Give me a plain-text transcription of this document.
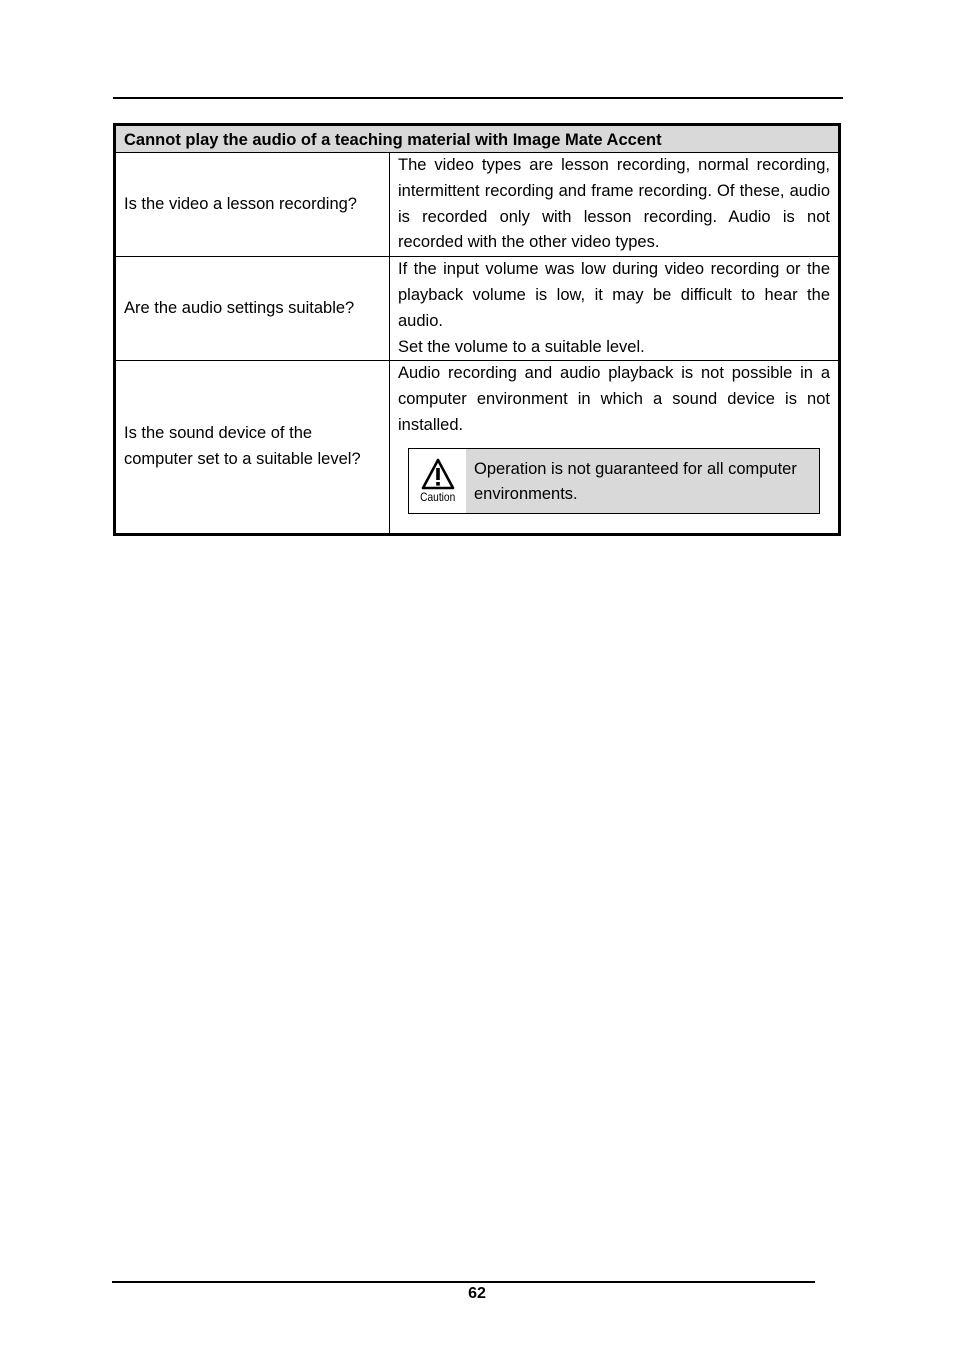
Cannot play the audio of a teaching material with Image Mate Accent	
Is the video a lesson recording?	The video types are lesson recording, normal recording, intermittent recording and frame recording. Of these, audio is recorded only with lesson recording. Audio is not recorded with the other video types.

Are the audio settings suitable?	If the input volume was low during video recording or the playback volume is low, it may be difficult to hear the audio.

Set the volume to a suitable level.

Is the sound device of the computer set to a suitable level?	Audio recording and audio playback is not possible in a computer environment in which a sound device is not installed.

Caution
Operation is not guaranteed for all computer environments.
62
